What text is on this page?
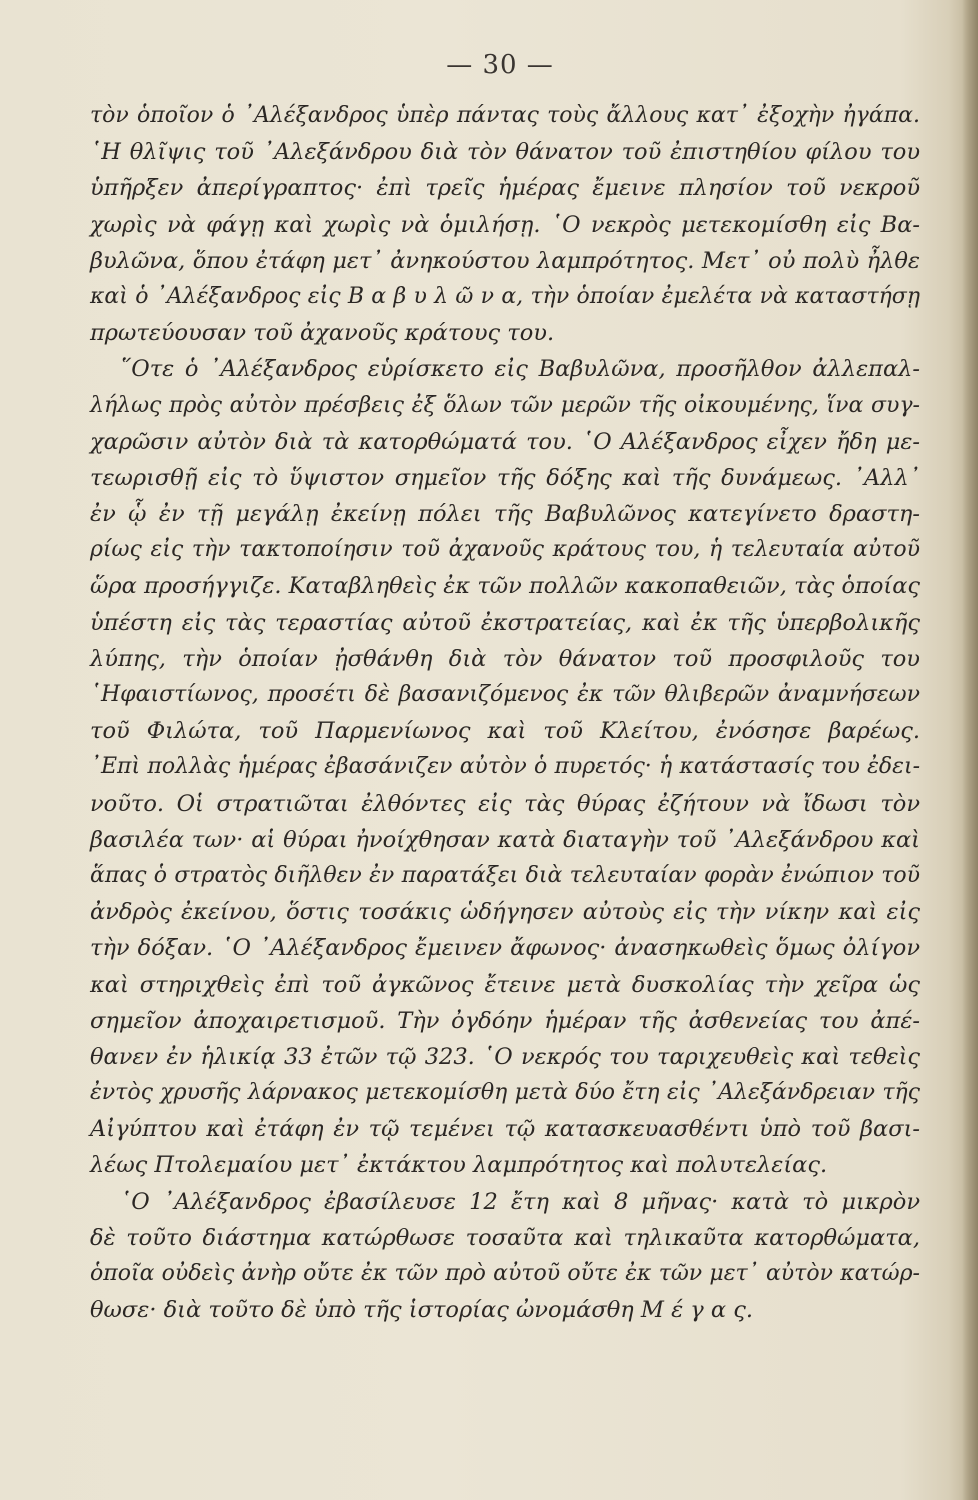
— 30 —
τὸν ὁποῖον ὁ ᾿Αλέξανδρος ὑπὲρ πάντας τοὺς ἄλλους κατ᾿ ἐξοχὴν ἠγάπα.
῾Η θλῖψις τοῦ ᾿Αλεξάνδρου διὰ τὸν θάνατον τοῦ ἐπιστηθίου φίλου του
ὑπῆρξεν ἀπερίγραπτος· ἐπὶ τρεῖς ἡμέρας ἔμεινε πλησίον τοῦ νεκροῦ
χωρὶς νὰ φάγῃ καὶ χωρὶς νὰ ὁμιλήσῃ. ῾Ο νεκρὸς μετεκομίσθη εἰς Βα-
βυλῶνα, ὅπου ἐτάφη μετ᾿ ἀνηκούστου λαμπρότητος. Μετ᾿ οὐ πολὺ ἦλθε
καὶ ὁ ᾿Αλέξανδρος εἰς Β α β υ λ ῶ ν α, τὴν ὁποίαν ἐμελέτα νὰ καταστήσῃ
πρωτεύουσαν τοῦ ἀχανοῦς κράτους του.
῞Οτε ὁ ᾿Αλέξανδρος εὑρίσκετο εἰς Βαβυλῶνα, προσῆλθον ἀλλεπαλ-
λήλως πρὸς αὐτὸν πρέσβεις ἐξ ὅλων τῶν μερῶν τῆς οἰκουμένης, ἵνα συγ-
χαρῶσιν αὐτὸν διὰ τὰ κατορθώματά του. ῾Ο Αλέξανδρος εἶχεν ἤδη με-
τεωρισθῇ εἰς τὸ ὕψιστον σημεῖον τῆς δόξης καὶ τῆς δυνάμεως. ᾿Αλλ᾿
ἐν ᾧ ἐν τῇ μεγάλῃ ἐκείνῃ πόλει τῆς Βαβυλῶνος κατεγίνετο δραστη-
ρίως εἰς τὴν τακτοποίησιν τοῦ ἀχανοῦς κράτους του, ἡ τελευταία αὐτοῦ
ὥρα προσήγγιζε. Καταβληθεὶς ἐκ τῶν πολλῶν κακοπαθειῶν, τὰς ὁποίας
ὑπέστη εἰς τὰς τεραστίας αὐτοῦ ἐκστρατείας, καὶ ἐκ τῆς ὑπερβολικῆς
λύπης, τὴν ὁποίαν ᾐσθάνθη διὰ τὸν θάνατον τοῦ προσφιλοῦς του
῾Ηφαιστίωνος, προσέτι δὲ βασανιζόμενος ἐκ τῶν θλιβερῶν ἀναμνήσεων
τοῦ Φιλώτα, τοῦ Παρμενίωνος καὶ τοῦ Κλείτου, ἐνόσησε βαρέως.
᾿Επὶ πολλὰς ἡμέρας ἐβασάνιζεν αὐτὸν ὁ πυρετός· ἡ κατάστασίς του ἐδει-
νοῦτο. Οἱ στρατιῶται ἐλθόντες εἰς τὰς θύρας ἐζήτουν νὰ ἴδωσι τὸν
βασιλέα των· αἱ θύραι ἠνοίχθησαν κατὰ διαταγὴν τοῦ ᾿Αλεξάνδρου καὶ
ἅπας ὁ στρατὸς διῆλθεν ἐν παρατάξει διὰ τελευταίαν φορὰν ἐνώπιον τοῦ
ἀνδρὸς ἐκείνου, ὅστις τοσάκις ὡδήγησεν αὐτοὺς εἰς τὴν νίκην καὶ εἰς
τὴν δόξαν. ῾Ο ᾿Αλέξανδρος ἔμεινεν ἄφωνος· ἀνασηκωθεὶς ὅμως ὀλίγον
καὶ στηριχθεὶς ἐπὶ τοῦ ἀγκῶνος ἔτεινε μετὰ δυσκολίας τὴν χεῖρα ὡς
σημεῖον ἀποχαιρετισμοῦ. Τὴν ὀγδόην ἡμέραν τῆς ἀσθενείας του ἀπέ-
θανεν ἐν ἡλικίᾳ 33 ἐτῶν τῷ 323. ῾Ο νεκρός του ταριχευθεὶς καὶ τεθεὶς
ἐντὸς χρυσῆς λάρνακος μετεκομίσθη μετὰ δύο ἔτη εἰς ᾿Αλεξάνδρειαν τῆς
Αἰγύπτου καὶ ἐτάφη ἐν τῷ τεμένει τῷ κατασκευασθέντι ὑπὸ τοῦ βασι-
λέως Πτολεμαίου μετ᾿ ἐκτάκτου λαμπρότητος καὶ πολυτελείας.
῾Ο ᾿Αλέξανδρος ἐβασίλευσε 12 ἔτη καὶ 8 μῆνας· κατὰ τὸ μικρὸν
δὲ τοῦτο διάστημα κατώρθωσε τοσαῦτα καὶ τηλικαῦτα κατορθώματα,
ὁποῖα οὐδεὶς ἀνὴρ οὔτε ἐκ τῶν πρὸ αὐτοῦ οὔτε ἐκ τῶν μετ᾿ αὐτὸν κατώρ-
θωσε· διὰ τοῦτο δὲ ὑπὸ τῆς ἱστορίας ὠνομάσθη Μ έ γ α ς.
